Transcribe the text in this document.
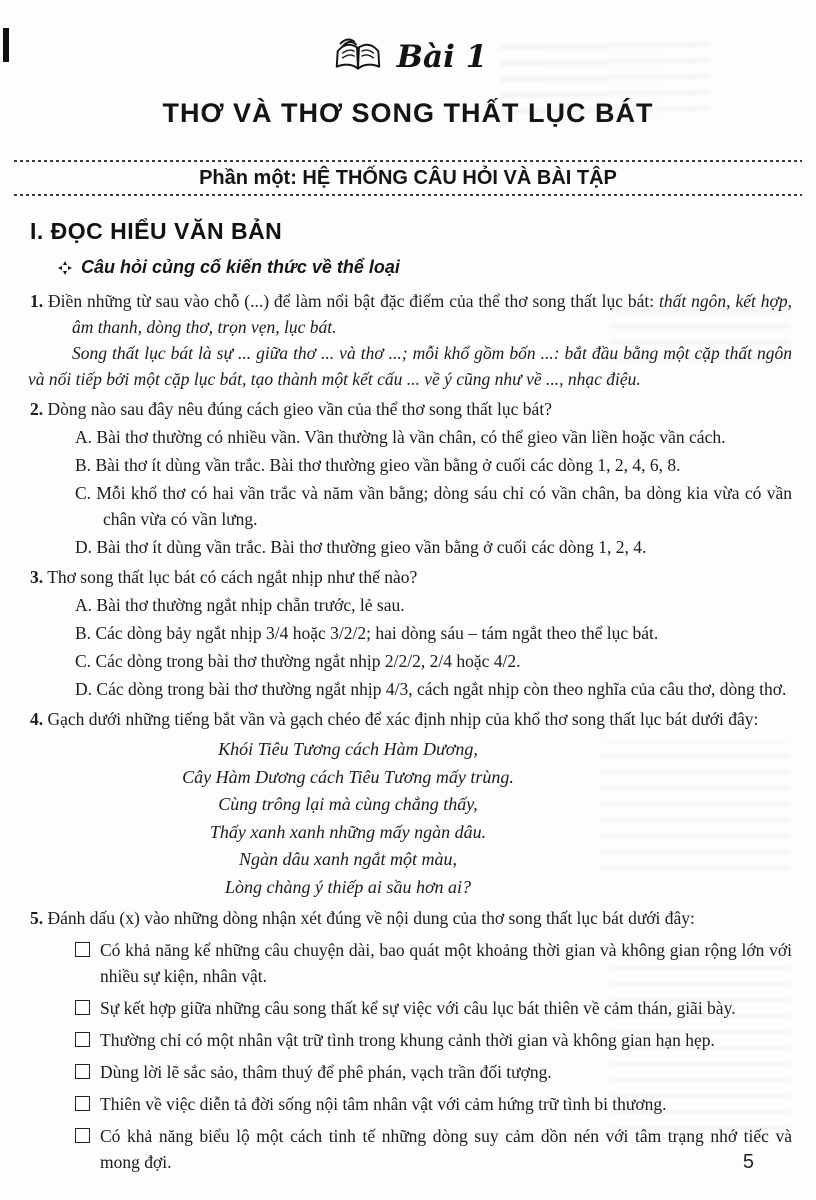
Bài 1
THƠ VÀ THƠ SONG THẤT LỤC BÁT
Phần một: HỆ THỐNG CÂU HỎI VÀ BÀI TẬP
I. ĐỌC HIỂU VĂN BẢN
Câu hỏi củng cố kiến thức về thể loại

1. Điền những từ sau vào chỗ (...) để làm nổi bật đặc điểm của thể thơ song thất lục bát: thất ngôn, kết hợp, âm thanh, dòng thơ, trọn vẹn, lục bát.

Song thất lục bát là sự ... giữa thơ ... và thơ ...; mỗi khổ gồm bốn ...: bắt đầu bằng một cặp thất ngôn và nối tiếp bởi một cặp lục bát, tạo thành một kết cấu ... về ý cũng như về ..., nhạc điệu.

2. Dòng nào sau đây nêu đúng cách gieo vần của thể thơ song thất lục bát?

A. Bài thơ thường có nhiều vần. Vần thường là vần chân, có thể gieo vần liền hoặc vần cách.

B. Bài thơ ít dùng vần trắc. Bài thơ thường gieo vần bằng ở cuối các dòng 1, 2, 4, 6, 8.

C. Mỗi khổ thơ có hai vần trắc và năm vần bằng; dòng sáu chỉ có vần chân, ba dòng kia vừa có vần chân vừa có vần lưng.

D. Bài thơ ít dùng vần trắc. Bài thơ thường gieo vần bằng ở cuối các dòng 1, 2, 4.

3. Thơ song thất lục bát có cách ngắt nhịp như thế nào?

A. Bài thơ thường ngắt nhịp chẵn trước, lẻ sau.

B. Các dòng bảy ngắt nhịp 3/4 hoặc 3/2/2; hai dòng sáu – tám ngắt theo thể lục bát.

C. Các dòng trong bài thơ thường ngắt nhịp 2/2/2, 2/4 hoặc 4/2.

D. Các dòng trong bài thơ thường ngắt nhịp 4/3, cách ngắt nhịp còn theo nghĩa của câu thơ, dòng thơ.

4. Gạch dưới những tiếng bắt vần và gạch chéo để xác định nhịp của khổ thơ song thất lục bát dưới đây:

Khói Tiêu Tương cách Hàm Dương,
Cây Hàm Dương cách Tiêu Tương mấy trùng.
Cùng trông lại mà cùng chẳng thấy,
Thấy xanh xanh những mấy ngàn dâu.
Ngàn dâu xanh ngắt một màu,
Lòng chàng ý thiếp ai sầu hơn ai?

5. Đánh dấu (x) vào những dòng nhận xét đúng về nội dung của thơ song thất lục bát dưới đây:

Có khả năng kể những câu chuyện dài, bao quát một khoảng thời gian và không gian rộng lớn với nhiều sự kiện, nhân vật.
Sự kết hợp giữa những câu song thất kể sự việc với câu lục bát thiên về cảm thán, giãi bày.
Thường chỉ có một nhân vật trữ tình trong khung cảnh thời gian và không gian hạn hẹp.
Dùng lời lẽ sắc sảo, thâm thuý để phê phán, vạch trần đối tượng.
Thiên về việc diễn tả đời sống nội tâm nhân vật với cảm hứng trữ tình bi thương.
Có khả năng biểu lộ một cách tinh tế những dòng suy cảm dồn nén với tâm trạng nhớ tiếc và mong đợi.	5
